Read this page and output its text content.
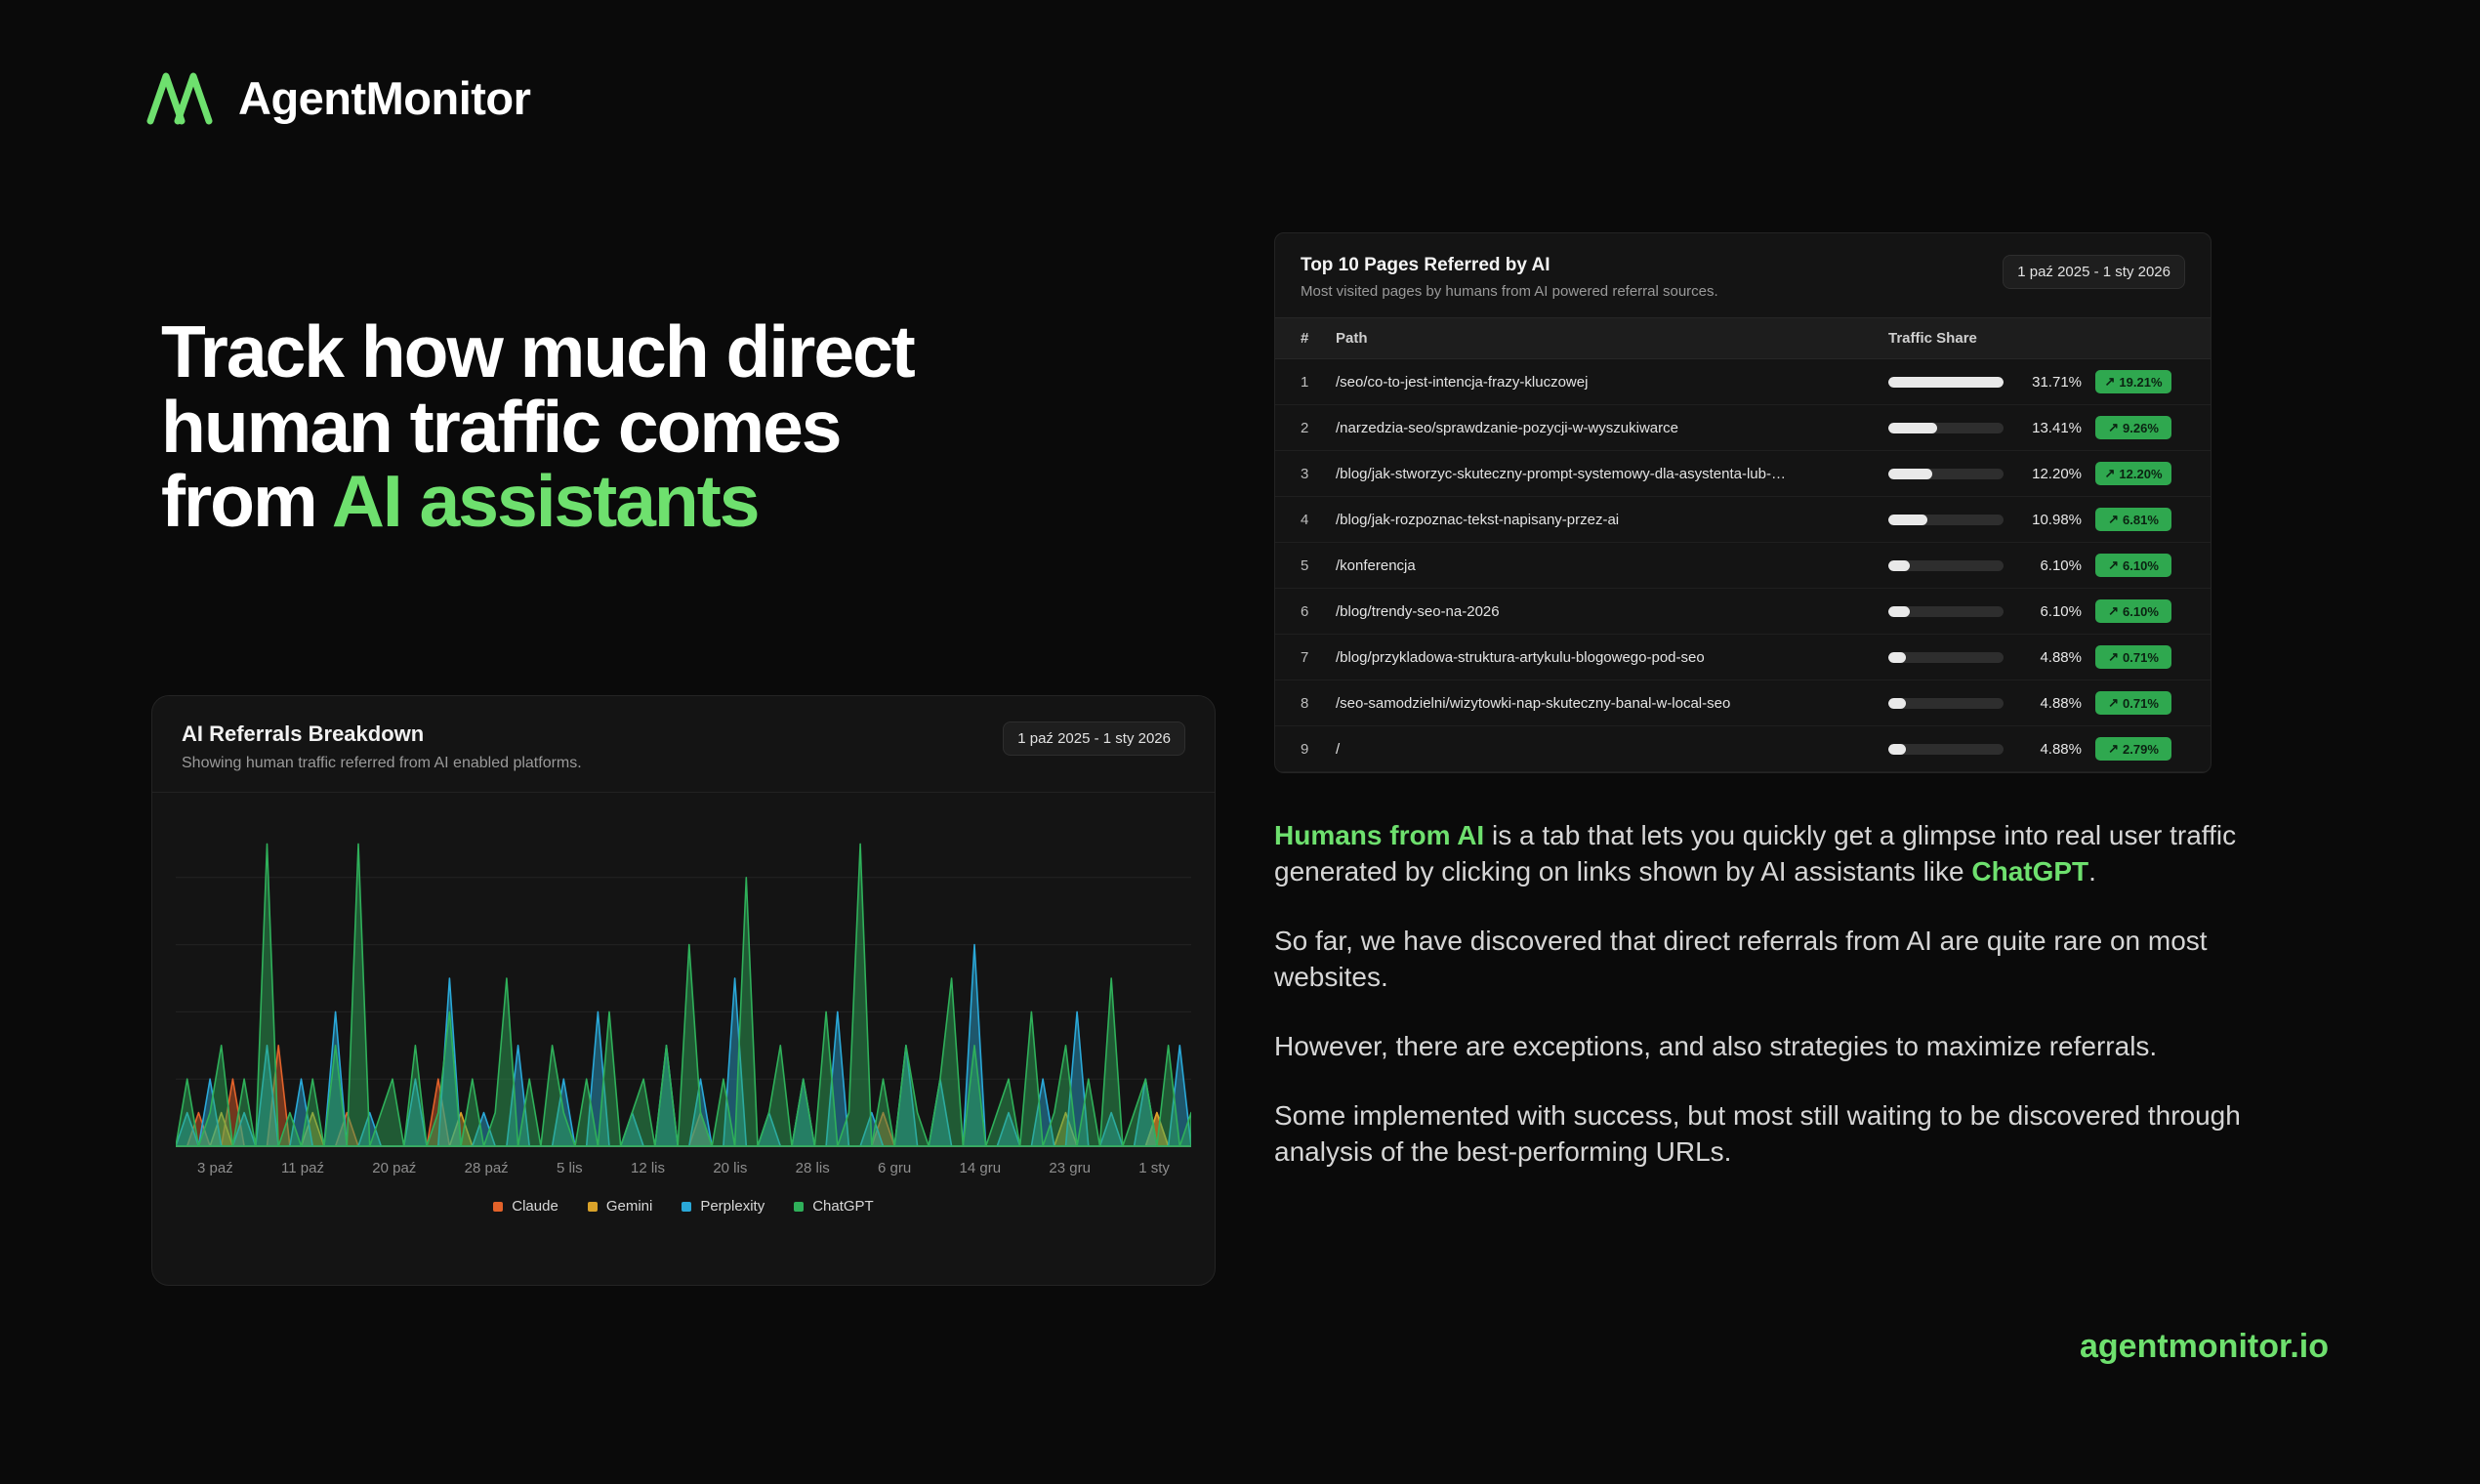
AgentMonitor
Track how much direct
human traffic comes
from AI assistants
AI Referrals Breakdown
Showing human traffic referred from AI enabled platforms.
1 paź 2025 - 1 sty 2026
3 paź	11 paź	20 paź	28 paź	5 lis	12 lis	20 lis	28 lis	6 gru	14 gru	23 gru	1 sty
Claude	Gemini	Perplexity	ChatGPT
Top 10 Pages Referred by AI
Most visited pages by humans from AI powered referral sources.
1 paź 2025 - 1 sty 2026
#	Path	Traffic Share
1	/seo/co-to-jest-intencja-frazy-kluczowej	31.71% ↗ 19.21%

2	/narzedzia-seo/sprawdzanie-pozycji-w-wyszukiwarce	13.41% ↗ 9.26%

3	/blog/jak-stworzyc-skuteczny-prompt-systemowy-dla-asystenta-lub-…	12.20% ↗ 12.20%

4	/blog/jak-rozpoznac-tekst-napisany-przez-ai	10.98% ↗ 6.81%

5	/konferencja	6.10% ↗ 6.10%

6	/blog/trendy-seo-na-2026	6.10% ↗ 6.10%

7	/blog/przykladowa-struktura-artykulu-blogowego-pod-seo	4.88% ↗ 0.71%

8	/seo-samodzielni/wizytowki-nap-skuteczny-banal-w-local-seo	4.88% ↗ 0.71%

9	/	4.88% ↗ 2.79%

Humans from AI is a tab that lets you quickly get a glimpse into real user traffic generated by clicking on links shown by AI assistants like ChatGPT.

So far, we have discovered that direct referrals from AI are quite rare on most websites.

However, there are exceptions, and also strategies to maximize referrals.

Some implemented with success, but most still waiting to be discovered through analysis of the best-performing URLs.

agentmonitor.io
